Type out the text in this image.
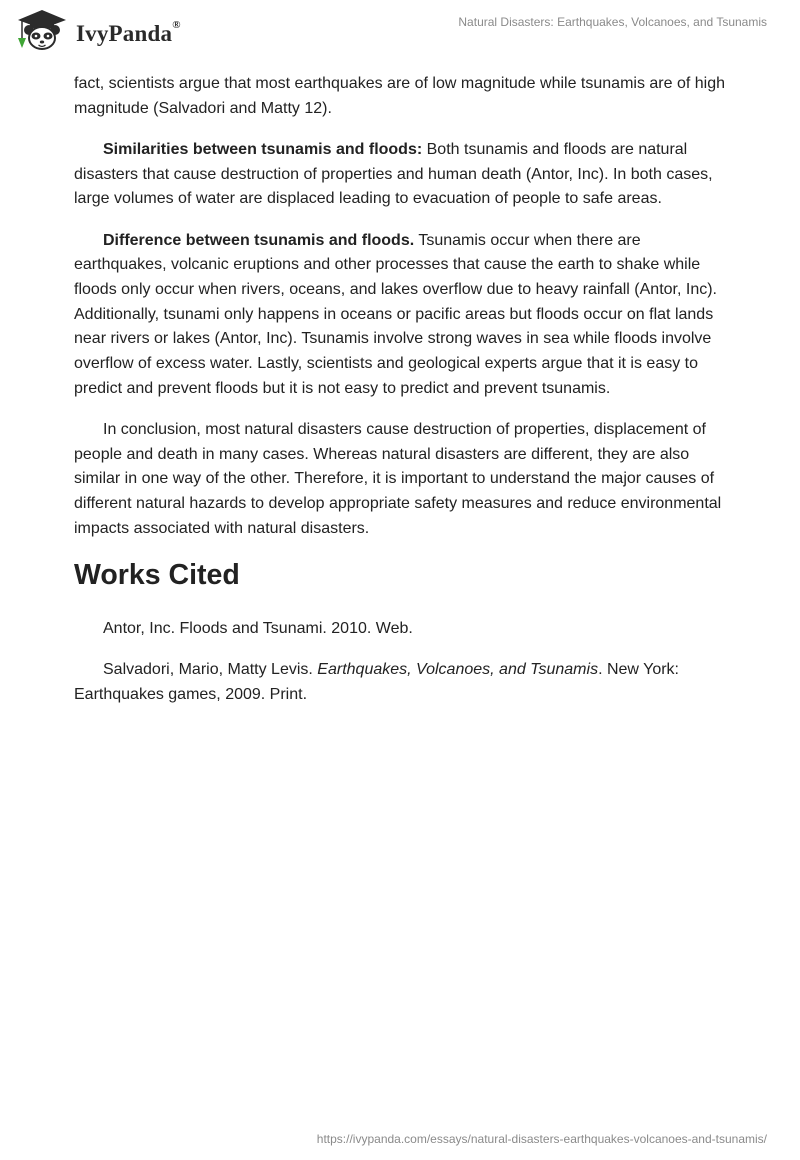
IvyPanda®	Natural Disasters: Earthquakes, Volcanoes, and Tsunamis

fact, scientists argue that most earthquakes are of low magnitude while tsunamis are of high magnitude (Salvadori and Matty 12).

Similarities between tsunamis and floods: Both tsunamis and floods are natural disasters that cause destruction of properties and human death (Antor, Inc). In both cases, large volumes of water are displaced leading to evacuation of people to safe areas.

Difference between tsunamis and floods. Tsunamis occur when there are earthquakes, volcanic eruptions and other processes that cause the earth to shake while floods only occur when rivers, oceans, and lakes overflow due to heavy rainfall (Antor, Inc). Additionally, tsunami only happens in oceans or pacific areas but floods occur on flat lands near rivers or lakes (Antor, Inc). Tsunamis involve strong waves in sea while floods involve overflow of excess water. Lastly, scientists and geological experts argue that it is easy to predict and prevent floods but it is not easy to predict and prevent tsunamis.

In conclusion, most natural disasters cause destruction of properties, displacement of people and death in many cases. Whereas natural disasters are different, they are also similar in one way of the other. Therefore, it is important to understand the major causes of different natural hazards to develop appropriate safety measures and reduce environmental impacts associated with natural disasters.

Works Cited

Antor, Inc. Floods and Tsunami. 2010. Web.

Salvadori, Mario, Matty Levis. Earthquakes, Volcanoes, and Tsunamis. New York: Earthquakes games, 2009. Print.

https://ivypanda.com/essays/natural-disasters-earthquakes-volcanoes-and-tsunamis/
